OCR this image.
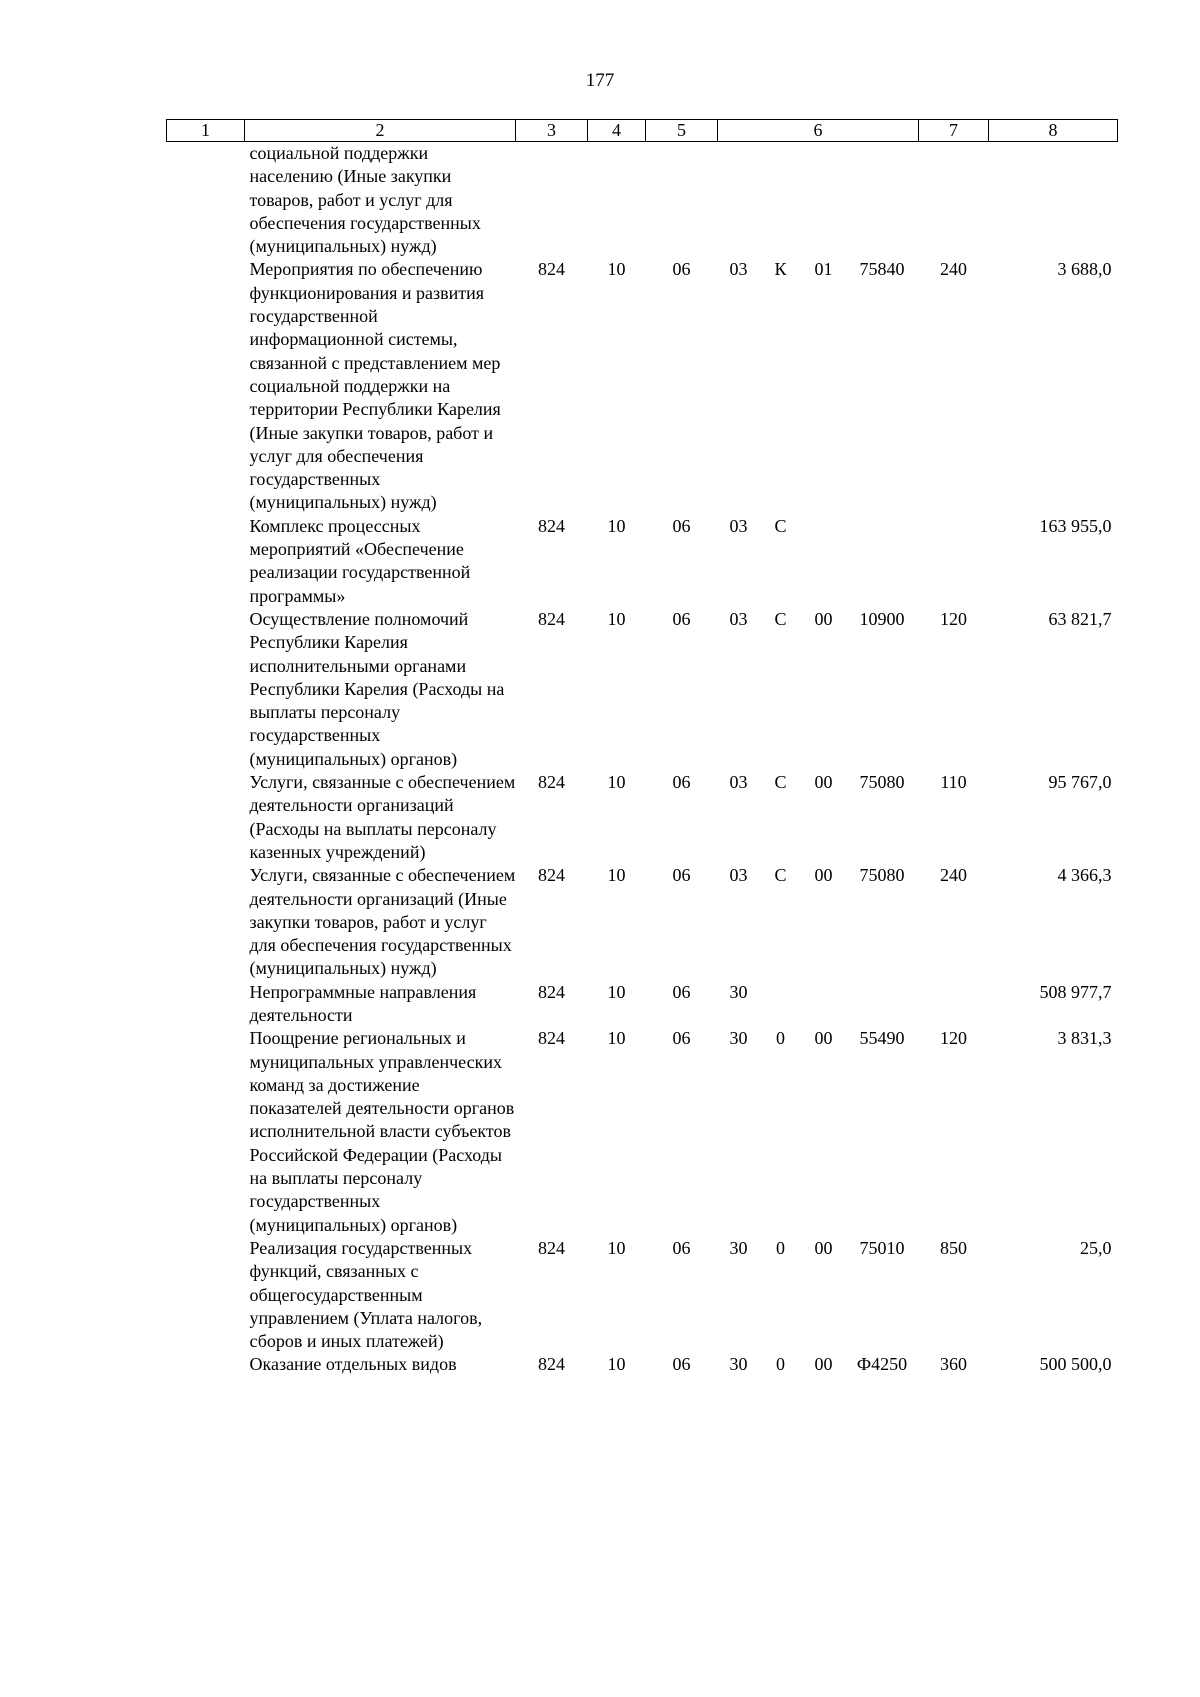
177
1	2	3	4	5	6				7	8
	социальной поддержки населению (Иные закупки товаров, работ и услуг для обеспечения государственных (муниципальных) нужд)									
	Мероприятия по обеспечению функционирования и развития государственной информационной системы, связанной с представлением мер социальной поддержки на территории Республики Карелия (Иные закупки товаров, работ и услуг для обеспечения государственных (муниципальных) нужд)	824	10	06	03	К	01	75840	240	3 688,0
	Комплекс процессных мероприятий «Обеспечение реализации государственной программы»	824	10	06	03	С				163 955,0
	Осуществление полномочий Республики Карелия исполнительными органами Республики Карелия (Расходы на выплаты персоналу государственных (муниципальных) органов)	824	10	06	03	С	00	10900	120	63 821,7
	Услуги, связанные с обеспечением деятельности организаций (Расходы на выплаты персоналу казенных учреждений)	824	10	06	03	С	00	75080	110	95 767,0
	Услуги, связанные с обеспечением деятельности организаций (Иные закупки товаров, работ и услуг для обеспечения государственных (муниципальных) нужд)	824	10	06	03	С	00	75080	240	4 366,3
	Непрограммные направления деятельности	824	10	06	30					508 977,7
	Поощрение региональных и муниципальных управленческих команд за достижение показателей деятельности органов исполнительной власти субъектов Российской Федерации (Расходы на выплаты персоналу государственных (муниципальных) органов)	824	10	06	30	0	00	55490	120	3 831,3
	Реализация государственных функций, связанных с общегосударственным управлением (Уплата налогов, сборов и иных платежей)	824	10	06	30	0	00	75010	850	25,0
	Оказание отдельных видов	824	10	06	30	0	00	Ф4250	360	500 500,0
